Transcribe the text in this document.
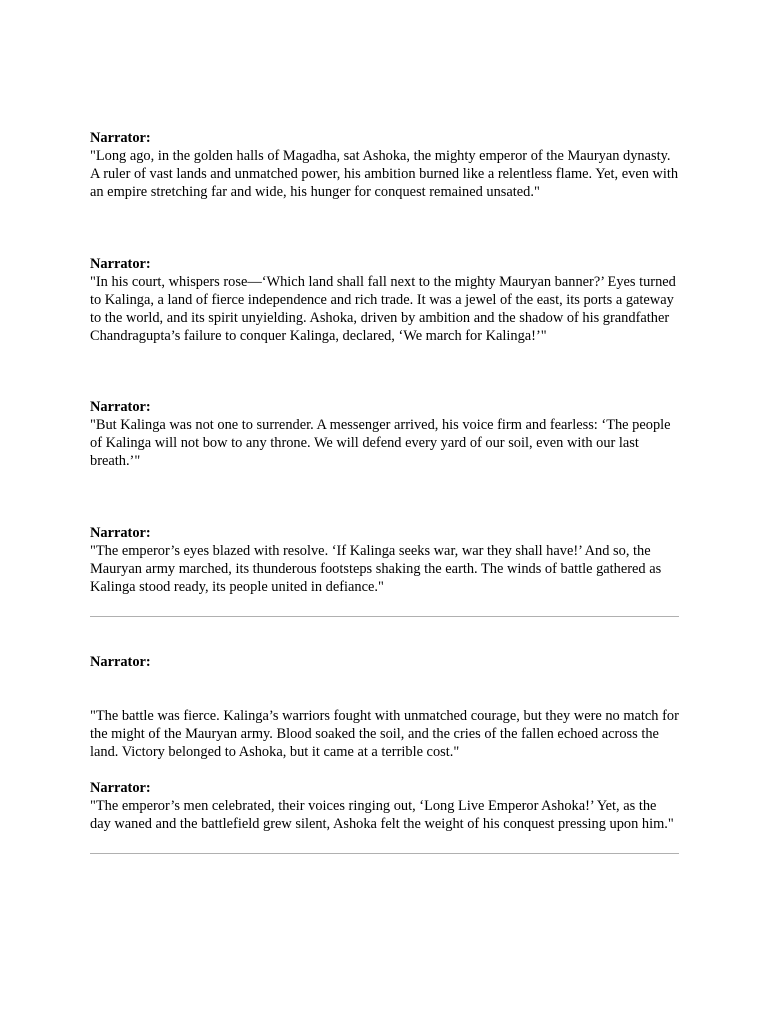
Narrator:

"Long ago, in the golden halls of Magadha, sat Ashoka, the mighty emperor of the Mauryan dynasty. A ruler of vast lands and unmatched power, his ambition burned like a relentless flame. Yet, even with an empire stretching far and wide, his hunger for conquest remained unsated."

Narrator:

"In his court, whispers rose—‘Which land shall fall next to the mighty Mauryan banner?’ Eyes turned to Kalinga, a land of fierce independence and rich trade. It was a jewel of the east, its ports a gateway to the world, and its spirit unyielding. Ashoka, driven by ambition and the shadow of his grandfather Chandragupta’s failure to conquer Kalinga, declared, ‘We march for Kalinga!’"

Narrator:

"But Kalinga was not one to surrender. A messenger arrived, his voice firm and fearless: ‘The people of Kalinga will not bow to any throne. We will defend every yard of our soil, even with our last breath.’"

Narrator:

"The emperor’s eyes blazed with resolve. ‘If Kalinga seeks war, war they shall have!’ And so, the Mauryan army marched, its thunderous footsteps shaking the earth. The winds of battle gathered as Kalinga stood ready, its people united in defiance."

Narrator:

"The battle was fierce. Kalinga’s warriors fought with unmatched courage, but they were no match for the might of the Mauryan army. Blood soaked the soil, and the cries of the fallen echoed across the land. Victory belonged to Ashoka, but it came at a terrible cost."

Narrator:

"The emperor’s men celebrated, their voices ringing out, ‘Long Live Emperor Ashoka!’ Yet, as the day waned and the battlefield grew silent, Ashoka felt the weight of his conquest pressing upon him."
